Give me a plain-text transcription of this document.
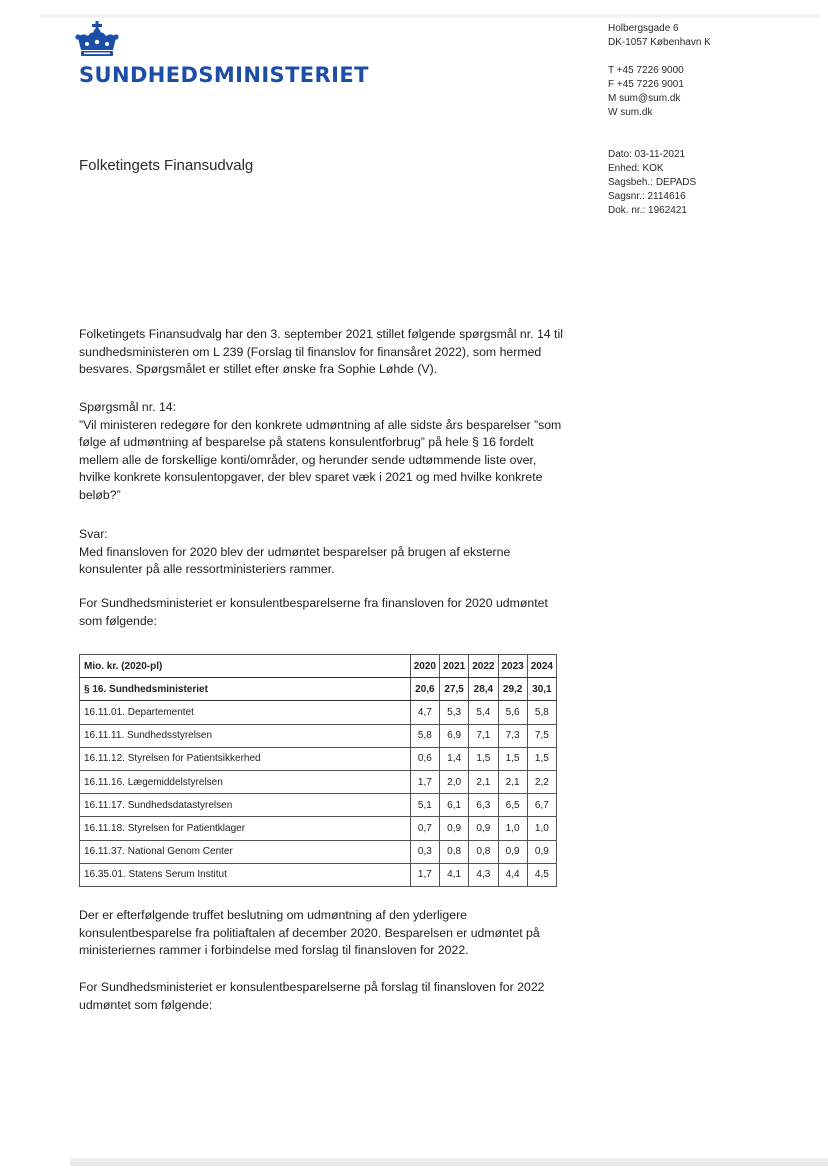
SUNDHEDSMINISTERIET
Holbergsgade 6
DK-1057 København K
T +45 7226 9000
F +45 7226 9001
M sum@sum.dk
W sum.dk
Dato: 03-11-2021
Enhed: KOK
Sagsbeh.: DEPADS
Sagsnr.: 2114616
Dok. nr.: 1962421
Folketingets Finansudvalg

Folketingets Finansudvalg har den 3. september 2021 stillet følgende spørgsmål nr. 14 til sundhedsministeren om L 239 (Forslag til finanslov for finansåret 2022), som hermed besvares. Spørgsmålet er stillet efter ønske fra Sophie Løhde (V).

Spørgsmål nr. 14:

”Vil ministeren redegøre for den konkrete udmøntning af alle sidste års besparelser ”som følge af udmøntning af besparelse på statens konsulentforbrug” på hele § 16 fordelt mellem alle de forskellige konti/områder, og herunder sende udtømmende liste over, hvilke konkrete konsulentopgaver, der blev sparet væk i 2021 og med hvilke konkrete beløb?”

Svar:

Med finansloven for 2020 blev der udmøntet besparelser på brugen af eksterne konsulenter på alle ressortministeriers rammer.

For Sundhedsministeriet er konsulentbesparelserne fra finansloven for 2020 udmøntet som følgende:

Mio. kr. (2020-pl)	2020	2021	2022	2023	2024
§ 16. Sundhedsministeriet	20,6	27,5	28,4	29,2	30,1
16.11.01. Departementet	4,7	5,3	5,4	5,6	5,8
16.11.11. Sundhedsstyrelsen	5,8	6,9	7,1	7,3	7,5
16.11.12. Styrelsen for Patientsikkerhed	0,6	1,4	1,5	1,5	1,5
16.11.16. Lægemiddelstyrelsen	1,7	2,0	2,1	2,1	2,2
16.11.17. Sundhedsdatastyrelsen	5,1	6,1	6,3	6,5	6,7
16.11.18. Styrelsen for Patientklager	0,7	0,9	0,9	1,0	1,0
16.11.37. National Genom Center	0,3	0,8	0,8	0,9	0,9
16.35.01. Statens Serum Institut	1,7	4,1	4,3	4,4	4,5

Der er efterfølgende truffet beslutning om udmøntning af den yderligere konsulentbesparelse fra politiaftalen af december 2020. Besparelsen er udmøntet på ministeriernes rammer i forbindelse med forslag til finansloven for 2022.

For Sundhedsministeriet er konsulentbesparelserne på forslag til finansloven for 2022 udmøntet som følgende:
